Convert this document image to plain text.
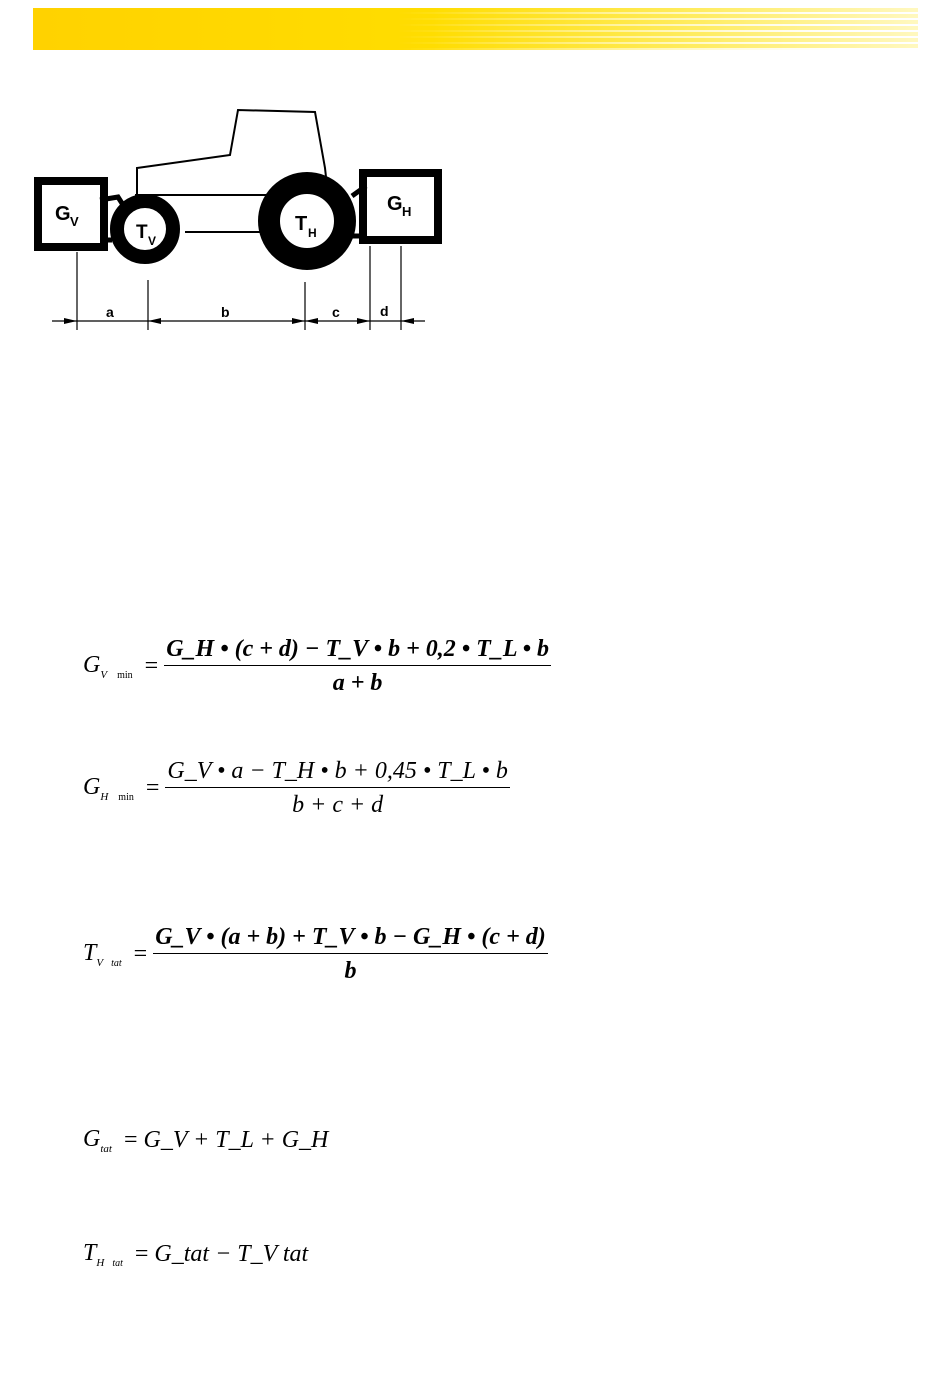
G V
G H
T V
T H
a	b	c	d
$G_V$ $_{min} = \frac{G\_H • (c + d) - T\_V • b + 0,2 • T\_L • b}{a + b}$
$G_H$ $_{min} = \frac{G\_V • a - T\_H • b + 0,45 • T\_L • b}{b + c + d}$
$T_V$ $_{tat} = \frac{G\_V • (a + b) + T\_V • b - G\_H • (c + d)}{b}$
$G_{tat}$ = G_V + T_L + G_H
$T_H$ $_{tat}$ = G_tat − T_V tat
